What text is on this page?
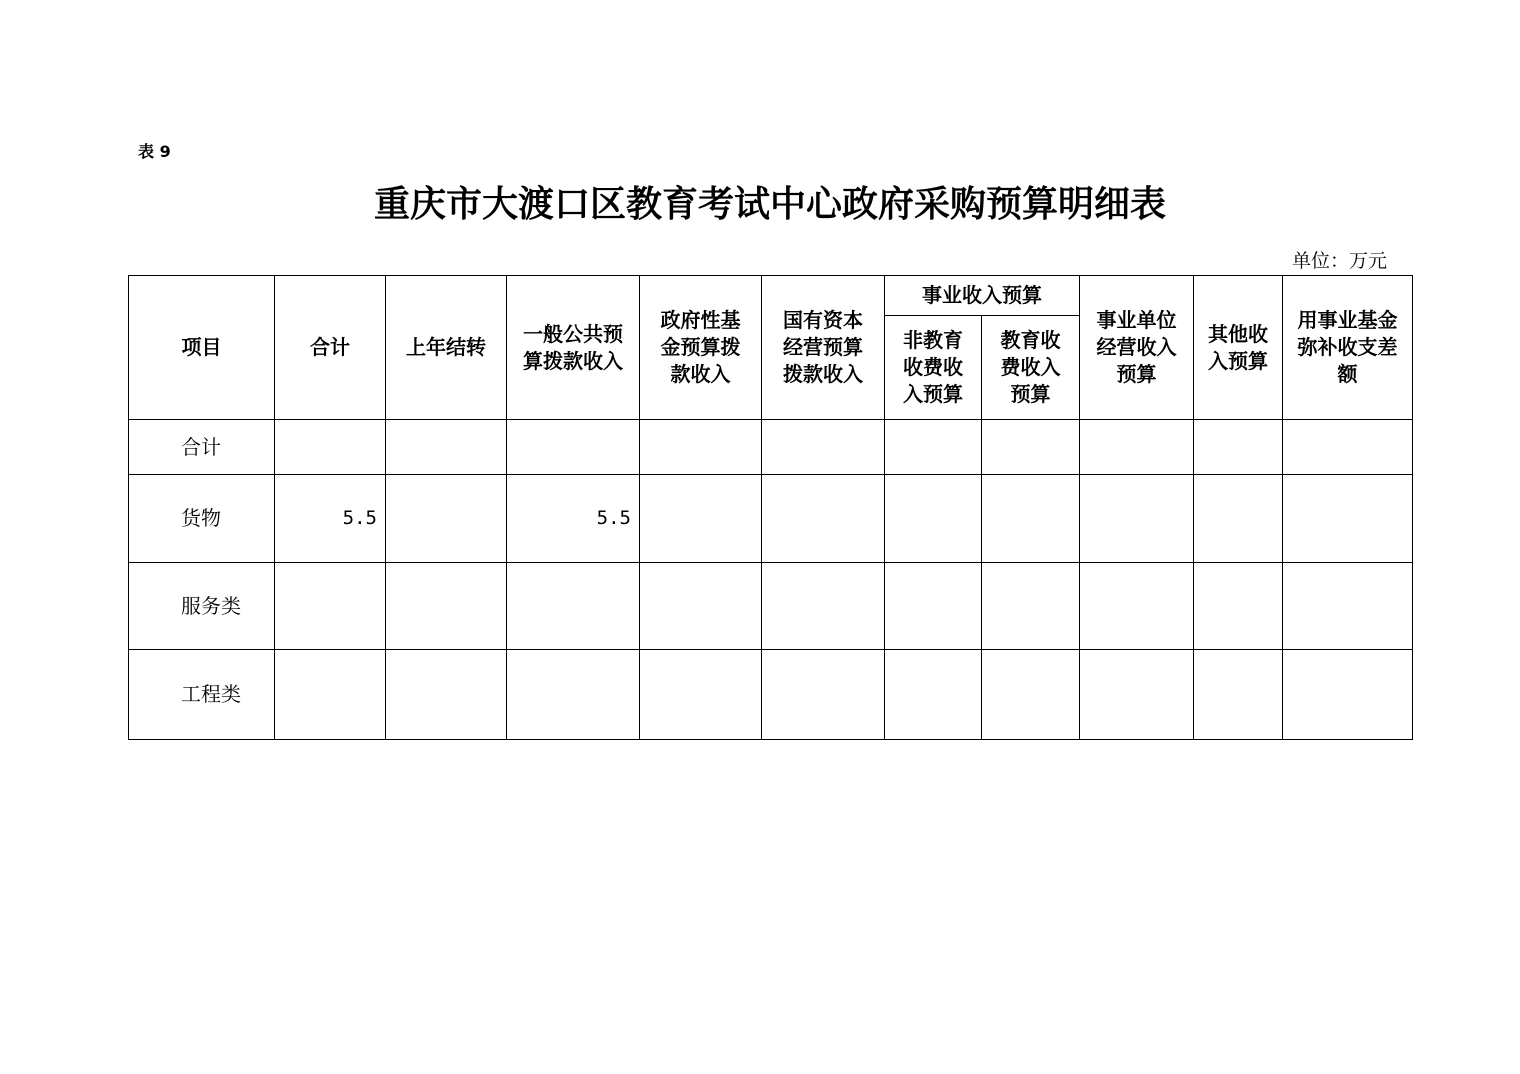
表 9
重庆市大渡口区教育考试中心政府采购预算明细表
单位：万元
项目	合计	上年结转	一般公共预算拨款收入	政府性基金预算拨款收入	国有资本经营预算拨款收入	事业收入预算		事业单位经营收入预算	其他收入预算	用事业基金弥补收支差额
						非教育收费收入预算	教育收费收入预算			
合计										
货物	5.5		5.5							
服务类										
工程类										
